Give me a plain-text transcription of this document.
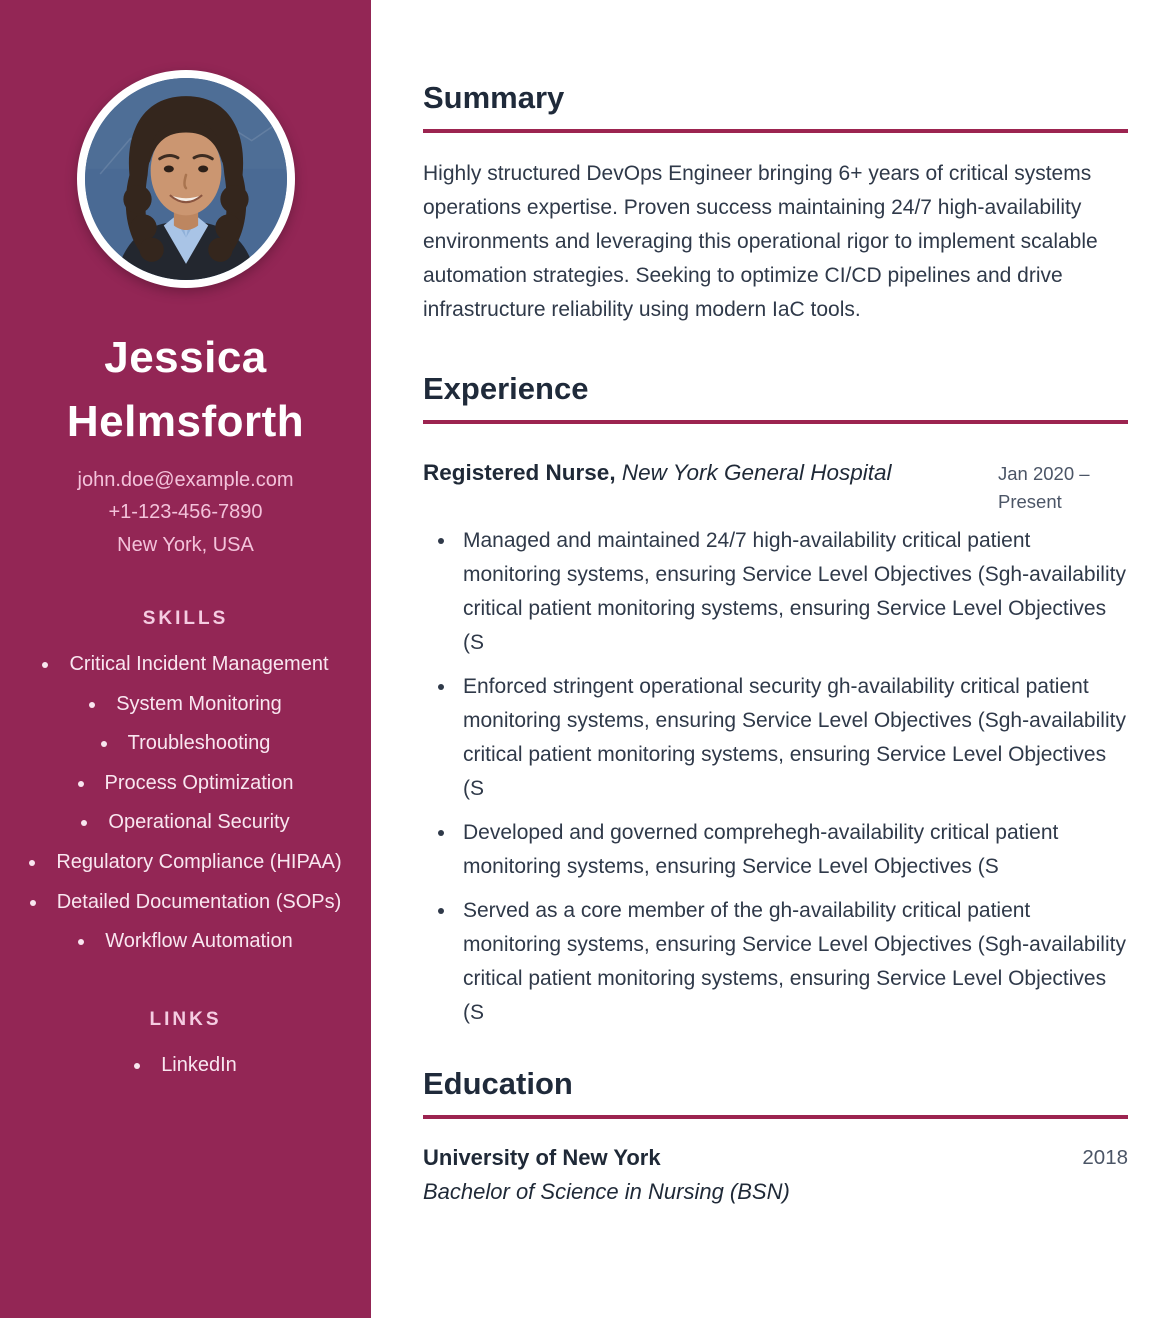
Jessica Helmsforth
john.doe@example.com
+1-123-456-7890
New York, USA
SKILLS
• Critical Incident Management
• System Monitoring
• Troubleshooting
• Process Optimization
• Operational Security
• Regulatory Compliance (HIPAA)
• Detailed Documentation (SOPs)
• Workflow Automation
LINKS
• LinkedIn
Summary

Highly structured DevOps Engineer bringing 6+ years of critical systems operations expertise. Proven success maintaining 24/7 high-availability environments and leveraging this operational rigor to implement scalable automation strategies. Seeking to optimize CI/CD pipelines and drive infrastructure reliability using modern IaC tools.

Experience
Registered Nurse, New York General Hospital	Jan 2020 – Present
• Managed and maintained 24/7 high-availability critical patient monitoring systems, ensuring Service Level Objectives (Sgh-availability critical patient monitoring systems, ensuring Service Level Objectives (S
• Enforced stringent operational security gh-availability critical patient monitoring systems, ensuring Service Level Objectives (Sgh-availability critical patient monitoring systems, ensuring Service Level Objectives (S
• Developed and governed comprehegh-availability critical patient monitoring systems, ensuring Service Level Objectives (S
• Served as a core member of the gh-availability critical patient monitoring systems, ensuring Service Level Objectives (Sgh-availability critical patient monitoring systems, ensuring Service Level Objectives (S
Education
University of New York
Bachelor of Science in Nursing (BSN)
2018
